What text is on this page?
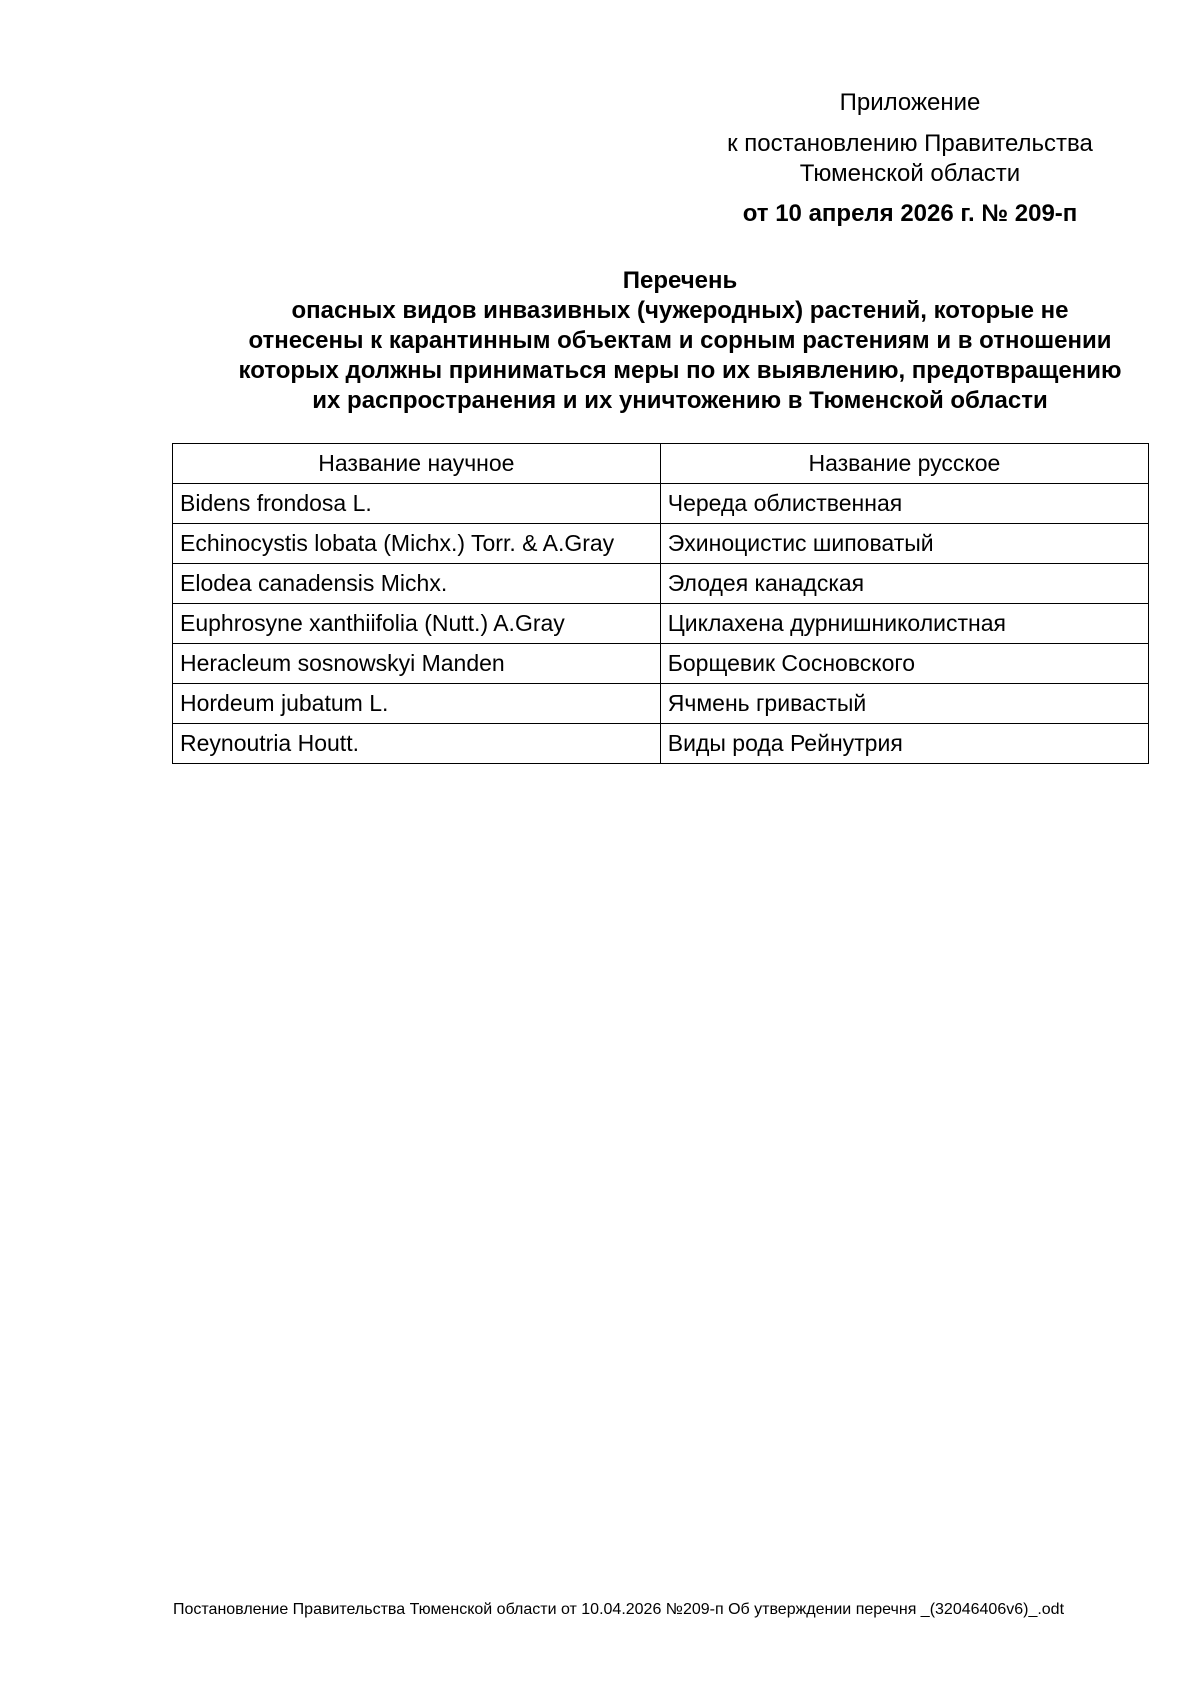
Приложение
к постановлению Правительства
Тюменской области
от 10 апреля 2026 г. № 209-п
Перечень
опасных видов инвазивных (чужеродных) растений, которые не
отнесены к карантинным объектам и сорным растениям и в отношении
которых должны приниматься меры по их выявлению, предотвращению
их распространения и их уничтожению в Тюменской области
Название научное	Название русское
Bidens frondosa L.	Череда облиственная
Echinocystis lobata (Michx.) Torr. & A.Gray	Эхиноцистис шиповатый
Elodea canadensis Michx.	Элодея канадская
Euphrosyne xanthiifolia (Nutt.) A.Gray	Циклахена дурнишниколистная
Heracleum sosnowskyi Manden	Борщевик Сосновского
Hordeum jubatum L.	Ячмень гривастый
Reynoutria Houtt.	Виды рода Рейнутрия
Постановление Правительства Тюменской области от 10.04.2026 №209-п Об утверждении перечня _(32046406v6)_.odt
